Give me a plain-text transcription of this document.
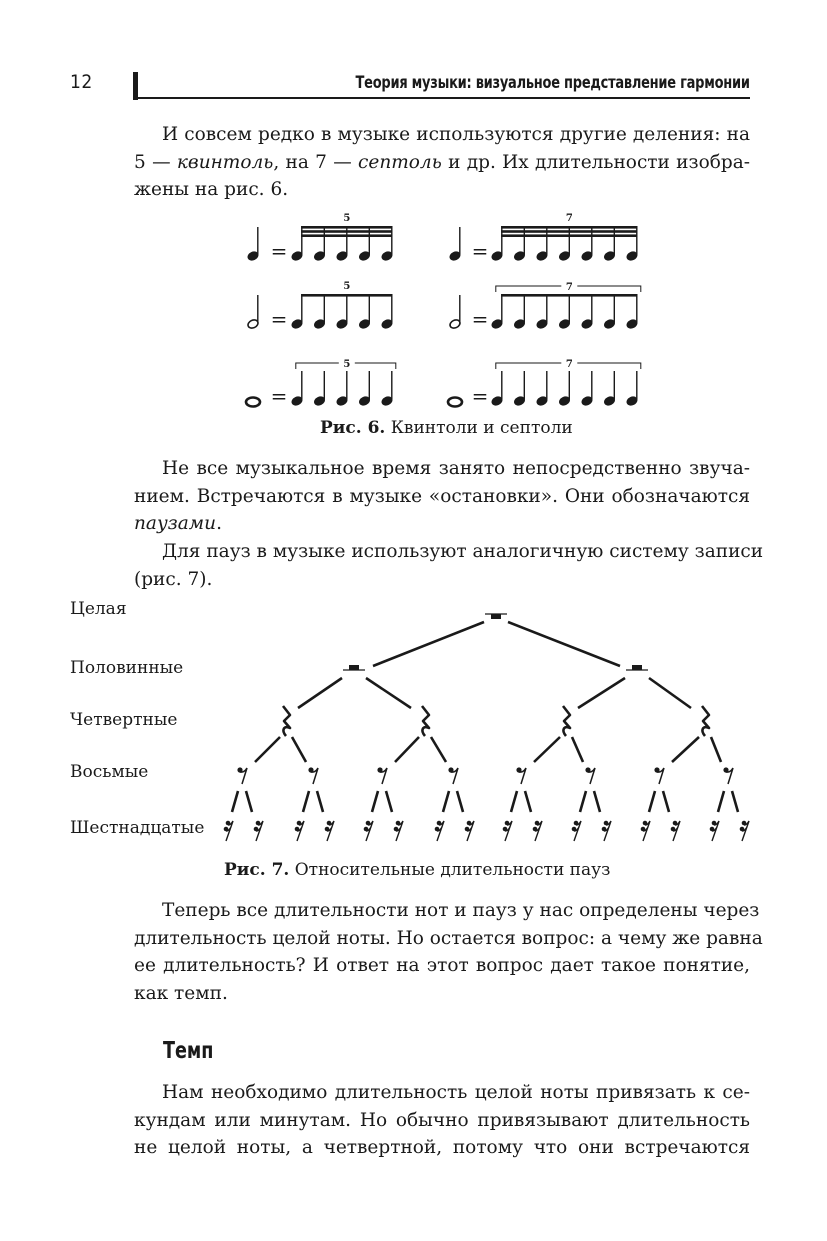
12	Теория музыки: визуальное представление гармонии
И совсем редко в музыке используются другие деления: на
5 — квинтоль, на 7 — септоль и др. Их длительности изобра-
жены на рис. 6.
=
5
=
7
=
5
=
7
=
5
=
7
Рис. 6. Квинтоли и септоли
Не все музыкальное время занято непосредственно звуча-
нием. Встречаются в музыке «остановки». Они обозначаются
паузами.
Для пауз в музыке используют аналогичную систему записи
(рис. 7).
Целая
Половинные
Четвертные
Восьмые
Шестнадцатые
Рис. 7. Относительные длительности пауз
Теперь все длительности нот и пауз у нас определены через
длительность целой ноты. Но остается вопрос: а чему же равна
ее длительность? И ответ на этот вопрос дает такое понятие,
как темп.
Темп
Нам необходимо длительность целой ноты привязать к се-
кундам или минутам. Но обычно привязывают длительность
не целой ноты, а четвертной, потому что они встречаются
